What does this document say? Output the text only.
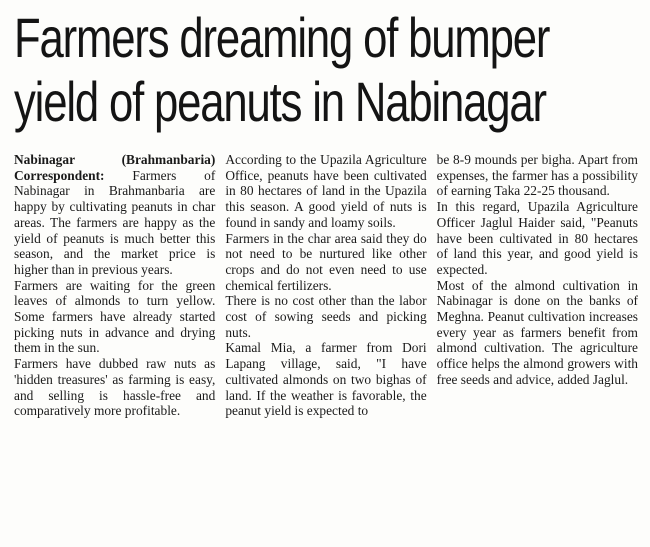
Farmers dreaming of bumper
yield of peanuts in Nabinagar

Nabinagar (Brahmanbaria) Correspondent: Farmers of Nabinagar in Brahmanbaria are happy by cultivating peanuts in char areas. The farmers are happy as the yield of peanuts is much better this season, and the market price is higher than in previous years.

Farmers are waiting for the green leaves of almonds to turn yellow. Some farmers have already started picking nuts in advance and drying them in the sun.

Farmers have dubbed raw nuts as 'hidden treasures' as farming is easy, and selling is hassle-free and comparatively more profitable.

According to the Upazila Agriculture Office, peanuts have been cultivated in 80 hectares of land in the Upazila this season. A good yield of nuts is found in sandy and loamy soils.

Farmers in the char area said they do not need to be nurtured like other crops and do not even need to use chemical fertilizers.

There is no cost other than the labor cost of sowing seeds and picking nuts.

Kamal Mia, a farmer from Dori Lapang village, said, "I have cultivated almonds on two bighas of land. If the weather is favorable, the peanut yield is expected to

be 8-9 mounds per bigha. Apart from expenses, the farmer has a possibility of earning Taka 22-25 thousand.

In this regard, Upazila Agriculture Officer Jaglul Haider said, "Peanuts have been cultivated in 80 hectares of land this year, and good yield is expected.

Most of the almond cultivation in Nabinagar is done on the banks of Meghna. Peanut cultivation increases every year as farmers benefit from almond cultivation. The agriculture office helps the almond growers with free seeds and advice, added Jaglul.
